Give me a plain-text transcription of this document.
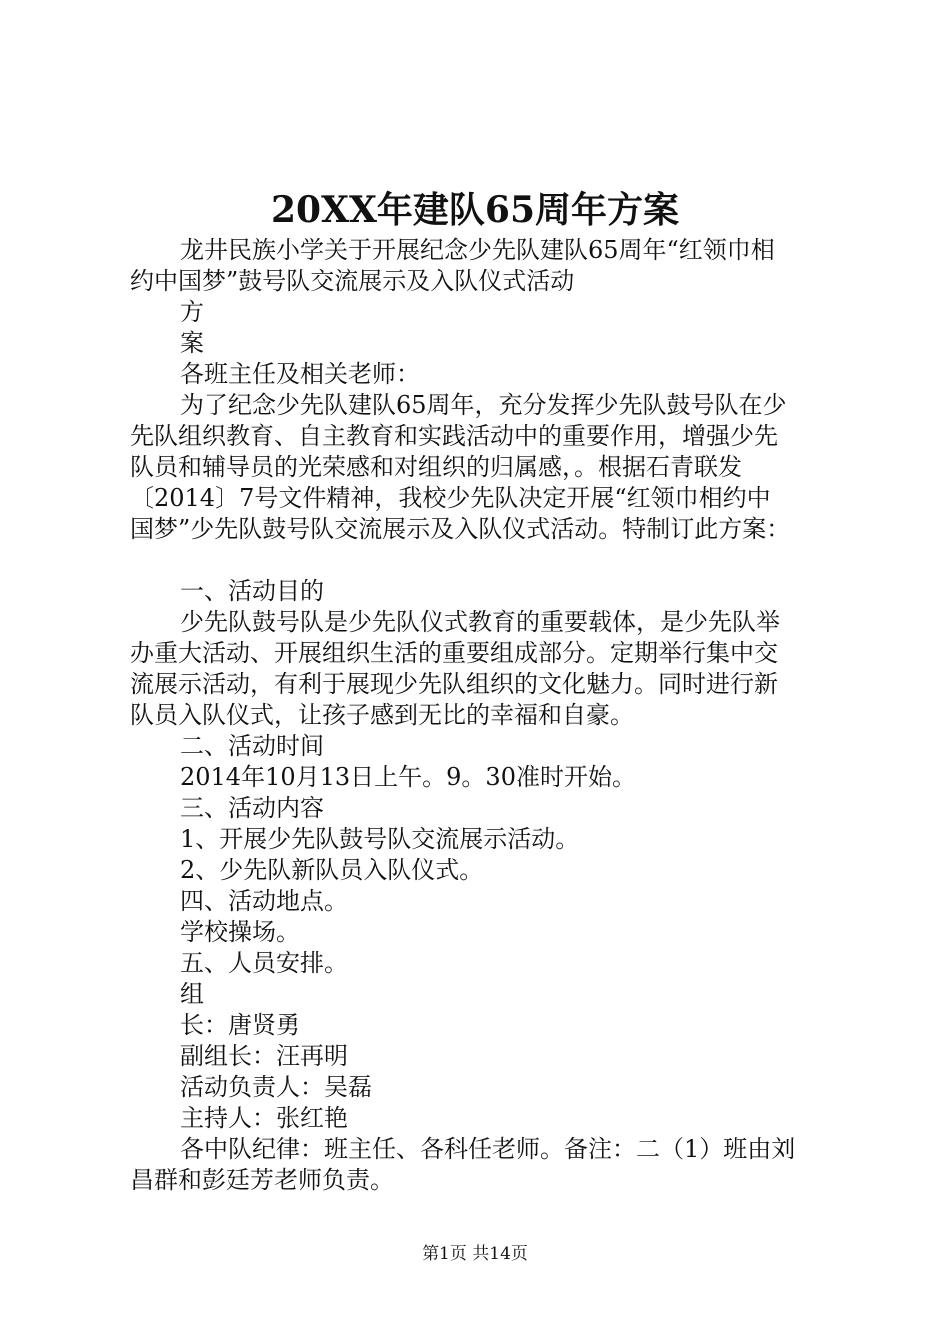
20XX年建队65周年方案
龙井民族小学关于开展纪念少先队建队65周年“红领巾相
约中国梦”鼓号队交流展示及入队仪式活动
方
案
各班主任及相关老师：
为了纪念少先队建队65周年，充分发挥少先队鼓号队在少
先队组织教育、自主教育和实践活动中的重要作用，增强少先
队员和辅导员的光荣感和对组织的归属感，。根据石青联发
〔2014〕7号文件精神，我校少先队决定开展“红领巾相约中
国梦”少先队鼓号队交流展示及入队仪式活动。特制订此方案：
一、活动目的
少先队鼓号队是少先队仪式教育的重要载体，是少先队举
办重大活动、开展组织生活的重要组成部分。定期举行集中交
流展示活动，有利于展现少先队组织的文化魅力。同时进行新
队员入队仪式，让孩子感到无比的幸福和自豪。
二、活动时间
2014年10月13日上午。9。30准时开始。
三、活动内容
1、开展少先队鼓号队交流展示活动。
2、少先队新队员入队仪式。
四、活动地点。
学校操场。
五、人员安排。
组
长：唐贤勇
副组长：汪再明
活动负责人：吴磊
主持人：张红艳
各中队纪律：班主任、各科任老师。备注：二（1）班由刘
昌群和彭廷芳老师负责。
第1页 共14页
